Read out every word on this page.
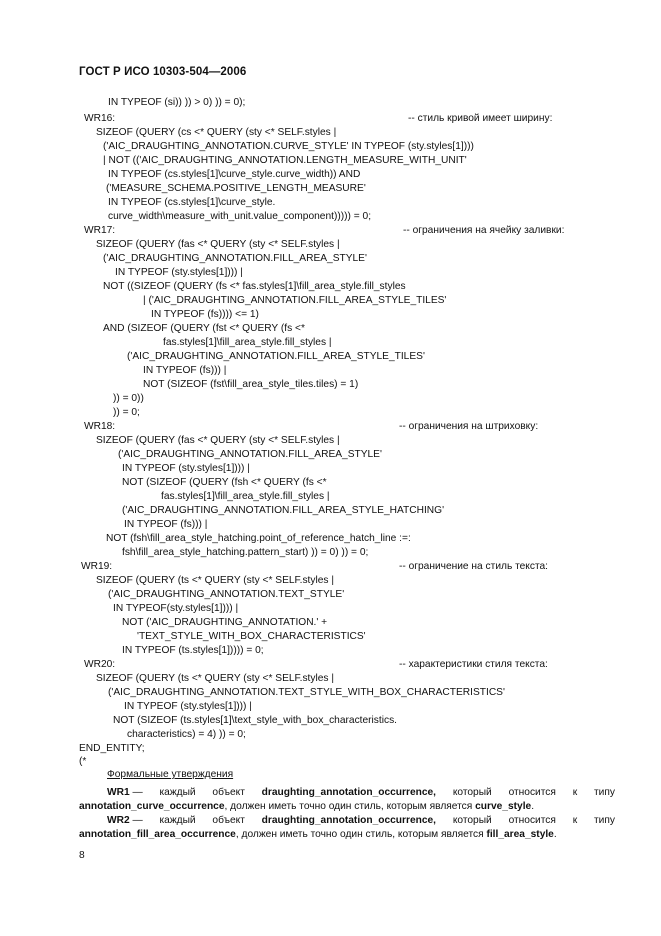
ГОСТ Р ИСО 10303-504—2006
IN TYPEOF (si)) )) > 0) )) = 0);
WR16:
SIZEOF (QUERY (cs <* QUERY (sty <* SELF.styles |
('AIC_DRAUGHTING_ANNOTATION.CURVE_STYLE' IN TYPEOF (sty.styles[1])))
| NOT (('AIC_DRAUGHTING_ANNOTATION.LENGTH_MEASURE_WITH_UNIT'
IN TYPEOF (cs.styles[1]\curve_style.curve_width)) AND
('MEASURE_SCHEMA.POSITIVE_LENGTH_MEASURE'
IN TYPEOF (cs.styles[1]\curve_style.
curve_width\measure_with_unit.value_component))))) = 0;
WR17:
SIZEOF (QUERY (fas <* QUERY (sty <* SELF.styles |
('AIC_DRAUGHTING_ANNOTATION.FILL_AREA_STYLE'
IN TYPEOF (sty.styles[1]))) |
NOT ((SIZEOF (QUERY (fs <* fas.styles[1]\fill_area_style.fill_styles
| ('AIC_DRAUGHTING_ANNOTATION.FILL_AREA_STYLE_TILES'
IN TYPEOF (fs)))) <= 1)
AND (SIZEOF (QUERY (fst <* QUERY (fs <*
fas.styles[1]\fill_area_style.fill_styles |
('AIC_DRAUGHTING_ANNOTATION.FILL_AREA_STYLE_TILES'
IN TYPEOF (fs))) |
NOT (SIZEOF (fst\fill_area_style_tiles.tiles) = 1)
)) = 0))
)) = 0;
WR18:
SIZEOF (QUERY (fas <* QUERY (sty <* SELF.styles |
('AIC_DRAUGHTING_ANNOTATION.FILL_AREA_STYLE'
IN TYPEOF (sty.styles[1]))) |
NOT (SIZEOF (QUERY (fsh <* QUERY (fs <*
fas.styles[1]\fill_area_style.fill_styles |
('AIC_DRAUGHTING_ANNOTATION.FILL_AREA_STYLE_HATCHING'
IN TYPEOF (fs))) |
NOT (fsh\fill_area_style_hatching.point_of_reference_hatch_line :=:
fsh\fill_area_style_hatching.pattern_start) )) = 0) )) = 0;
WR19:
SIZEOF (QUERY (ts <* QUERY (sty <* SELF.styles |
('AIC_DRAUGHTING_ANNOTATION.TEXT_STYLE'
IN TYPEOF(sty.styles[1]))) |
NOT ('AIC_DRAUGHTING_ANNOTATION.' +
'TEXT_STYLE_WITH_BOX_CHARACTERISTICS'
IN TYPEOF (ts.styles[1])))) = 0;
WR20:
SIZEOF (QUERY (ts <* QUERY (sty <* SELF.styles |
('AIC_DRAUGHTING_ANNOTATION.TEXT_STYLE_WITH_BOX_CHARACTERISTICS'
IN TYPEOF (sty.styles[1]))) |
NOT (SIZEOF (ts.styles[1]\text_style_with_box_characteristics.
characteristics) = 4) )) = 0;
END_ENTITY;
(*
-- стиль кривой имеет ширину:
-- ограничения на ячейку заливки:
-- ограничения на штриховку:
-- ограничение на стиль текста:
-- характеристики стиля текста:
Формальные утверждения
WR1 — каждый объект draughting_annotation_occurrence, который относится к типу
annotation_curve_occurrence, должен иметь точно один стиль, которым является curve_style.
WR2 — каждый объект draughting_annotation_occurrence, который относится к типу
annotation_fill_area_occurrence, должен иметь точно один стиль, которым является fill_area_style.
8
